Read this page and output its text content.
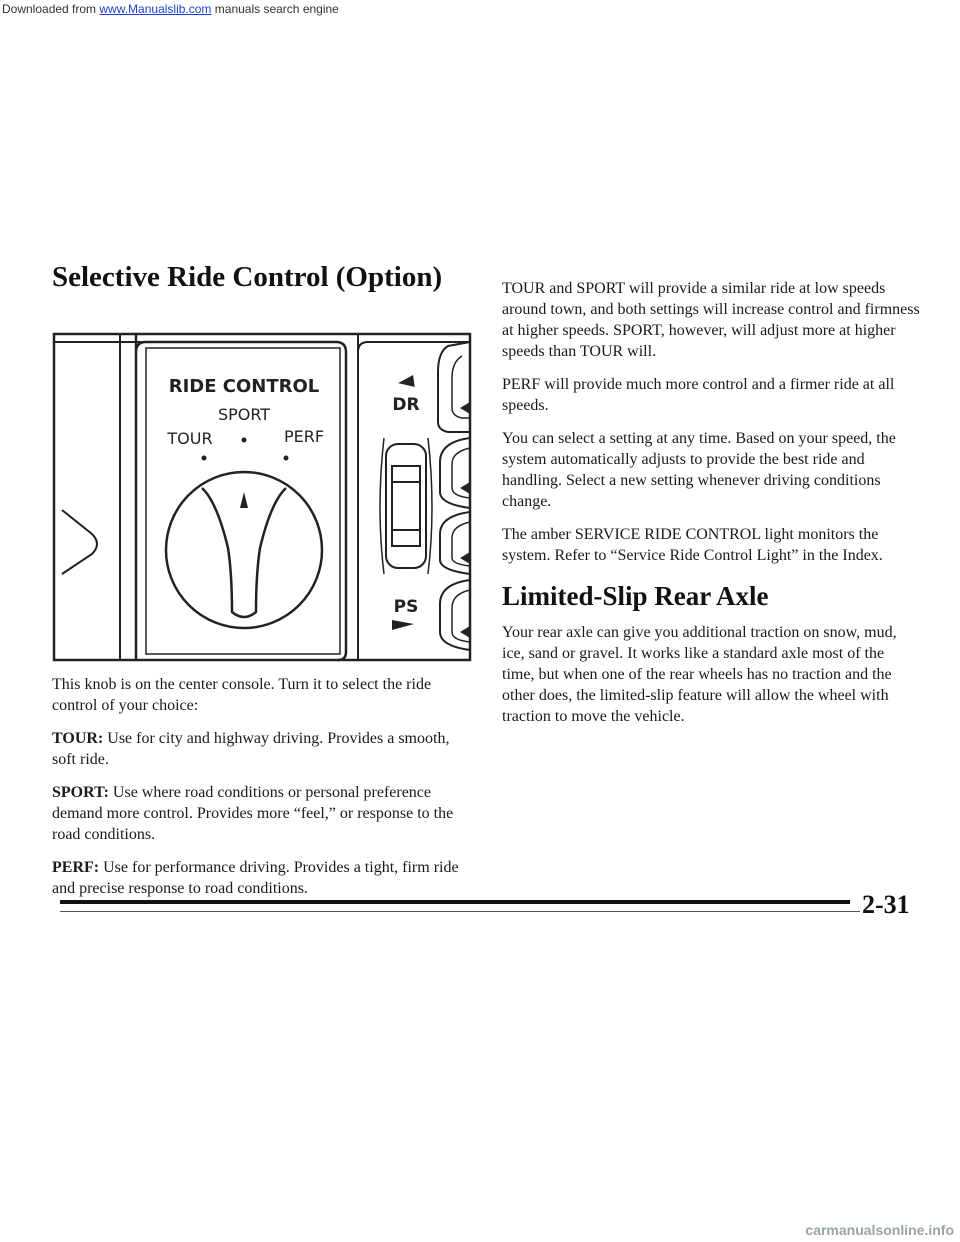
Downloaded from www.Manualslib.com manuals search engine
Selective Ride Control (Option)
RIDE CONTROL
SPORT
TOUR	PERF
DR
PS

This knob is on the center console. Turn it to select the ride control of your choice:

TOUR: Use for city and highway driving. Provides a smooth, soft ride.

SPORT: Use where road conditions or personal preference demand more control. Provides more “feel,” or response to the road conditions.

PERF: Use for performance driving. Provides a tight, firm ride and precise response to road conditions.

TOUR and SPORT will provide a similar ride at low speeds around town, and both settings will increase control and firmness at higher speeds. SPORT, however, will adjust more at higher speeds than TOUR will.

PERF will provide much more control and a firmer ride at all speeds.

You can select a setting at any time. Based on your speed, the system automatically adjusts to provide the best ride and handling. Select a new setting whenever driving conditions change.

The amber SERVICE RIDE CONTROL light monitors the system. Refer to “Service Ride Control Light” in the Index.

Limited-Slip Rear Axle

Your rear axle can give you additional traction on snow, mud, ice, sand or gravel. It works like a standard axle most of the time, but when one of the rear wheels has no traction and the other does, the limited-slip feature will allow the wheel with traction to move the vehicle.

2-31
carmanualsonline.info
